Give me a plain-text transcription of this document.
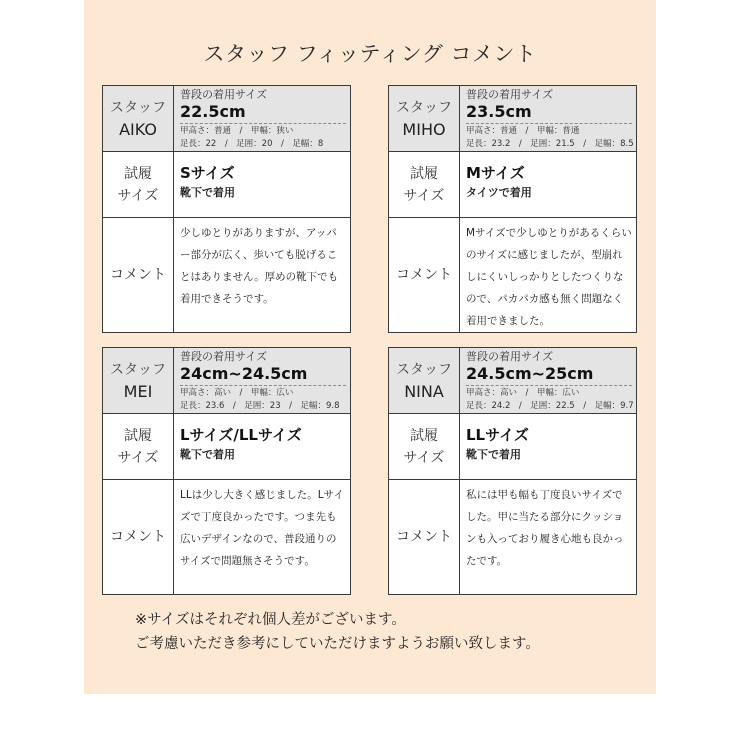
スタッフ フィッティング コメント
スタッフ
AIKO
普段の着用サイズ
22.5cm
甲高さ：普通　/　甲幅：狭い
足長：22　/　足囲：20　/　足幅：8
試履
サイズ
Sサイズ
靴下で着用
コメント
少しゆとりがありますが、アッパー部分が広く、歩いても脱げることはありません。厚めの靴下でも着用できそうです。
スタッフ
MIHO
普段の着用サイズ
23.5cm
甲高さ：普通　/　甲幅：普通
足長：23.2　/　足囲：21.5　/　足幅：8.5
試履
サイズ
Mサイズ
タイツで着用
コメント
Mサイズで少しゆとりがあるくらいのサイズに感じましたが、型崩れしにくいしっかりとしたつくりなので、パカパカ感も無く問題なく着用できました。
スタッフ
MEI
普段の着用サイズ
24cm~24.5cm
甲高さ：高い　/　甲幅：広い
足長：23.6　/　足囲：23　/　足幅：9.8
試履
サイズ
Lサイズ/LLサイズ
靴下で着用
コメント
LLは少し大きく感じました。Lサイズで丁度良かったです。つま先も広いデザインなので、普段通りのサイズで問題無さそうです。
スタッフ
NINA
普段の着用サイズ
24.5cm~25cm
甲高さ：高い　/　甲幅：広い
足長：24.2　/　足囲：22.5　/　足幅：9.7
試履
サイズ
LLサイズ
靴下で着用
コメント
私には甲も幅も丁度良いサイズでした。甲に当たる部分にクッションも入っており履き心地も良かったです。
※サイズはそれぞれ個人差がございます。
ご考慮いただき参考にしていただけますようお願い致します。
